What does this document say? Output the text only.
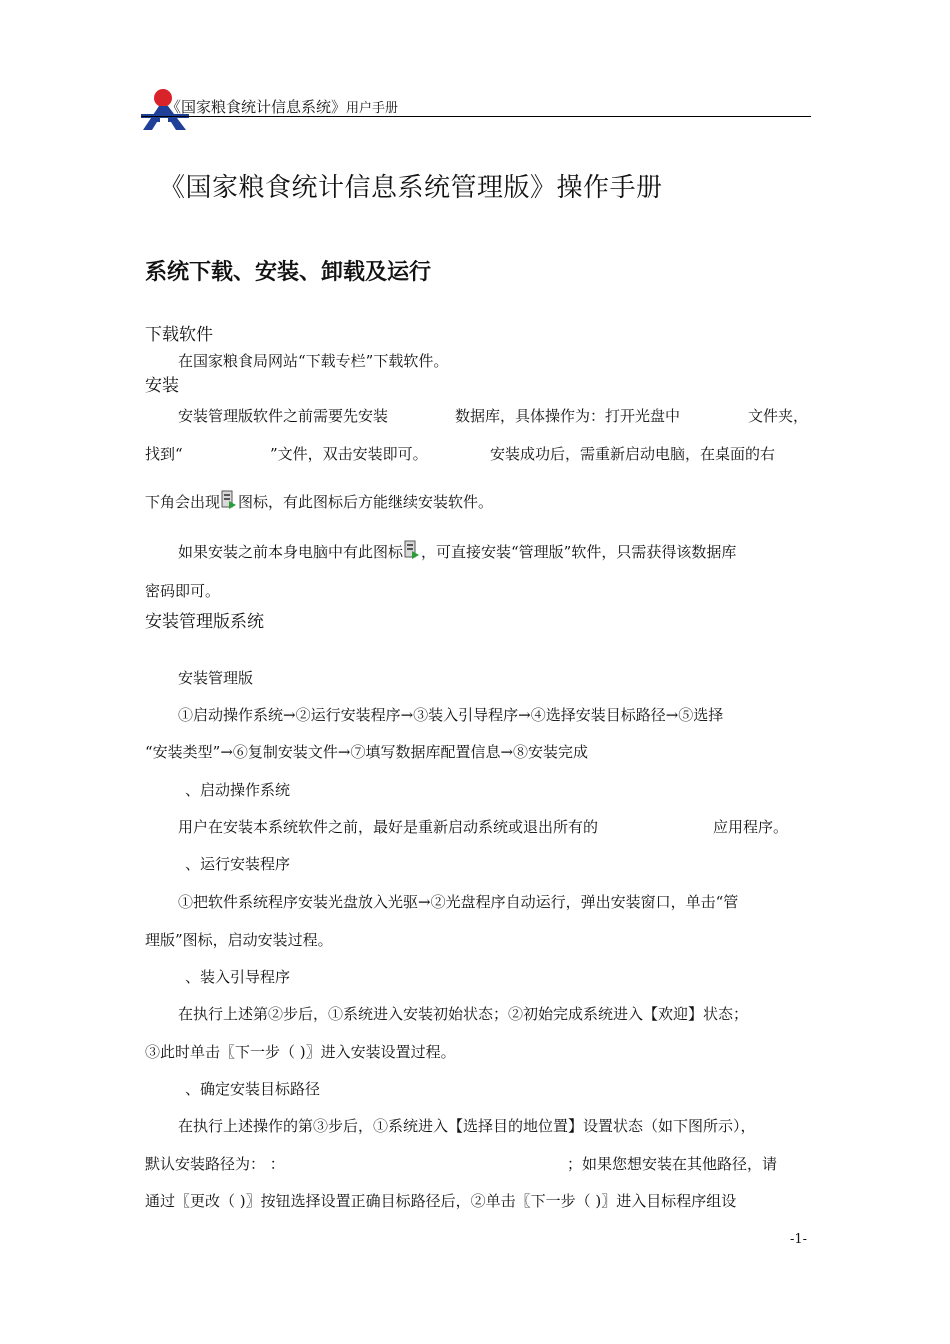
《国家粮食统计信息系统》用户手册
《国家粮食统计信息系统管理版》操作手册
系统下载、安装、卸载及运行
下载软件
在国家粮食局网站“下载专栏”下载软件。
安装
安装管理版软件之前需要先安装	数据库，具体操作为：打开光盘中	文件夹，
找到“	”文件，双击安装即可。	安装成功后，需重新启动电脑，在桌面的右
下角会出现 图标，有此图标后方能继续安装软件。
如果安装之前本身电脑中有此图标 ，可直接安装“管理版”软件，只需获得该数据库
密码即可。
安装管理版系统
安装管理版
①启动操作系统→②运行安装程序→③装入引导程序→④选择安装目标路径→⑤选择
“安装类型”→⑥复制安装文件→⑦填写数据库配置信息→⑧安装完成
、启动操作系统
用户在安装本系统软件之前，最好是重新启动系统或退出所有的	应用程序。
、运行安装程序
①把软件系统程序安装光盘放入光驱→②光盘程序自动运行，弹出安装窗口，单击“管
理版”图标，启动安装过程。
、装入引导程序
在执行上述第②步后，①系统进入安装初始状态；②初始完成系统进入【欢迎】状态；
③此时单击〖下一步（ )〗进入安装设置过程。
、确定安装目标路径
在执行上述操作的第③步后，①系统进入【选择目的地位置】设置状态（如下图所示），
默认安装路径为： ：	；如果您想安装在其他路径，请
通过〖更改（ )〗按钮选择设置正确目标路径后，②单击〖下一步（ )〗进入目标程序组设
-1-
